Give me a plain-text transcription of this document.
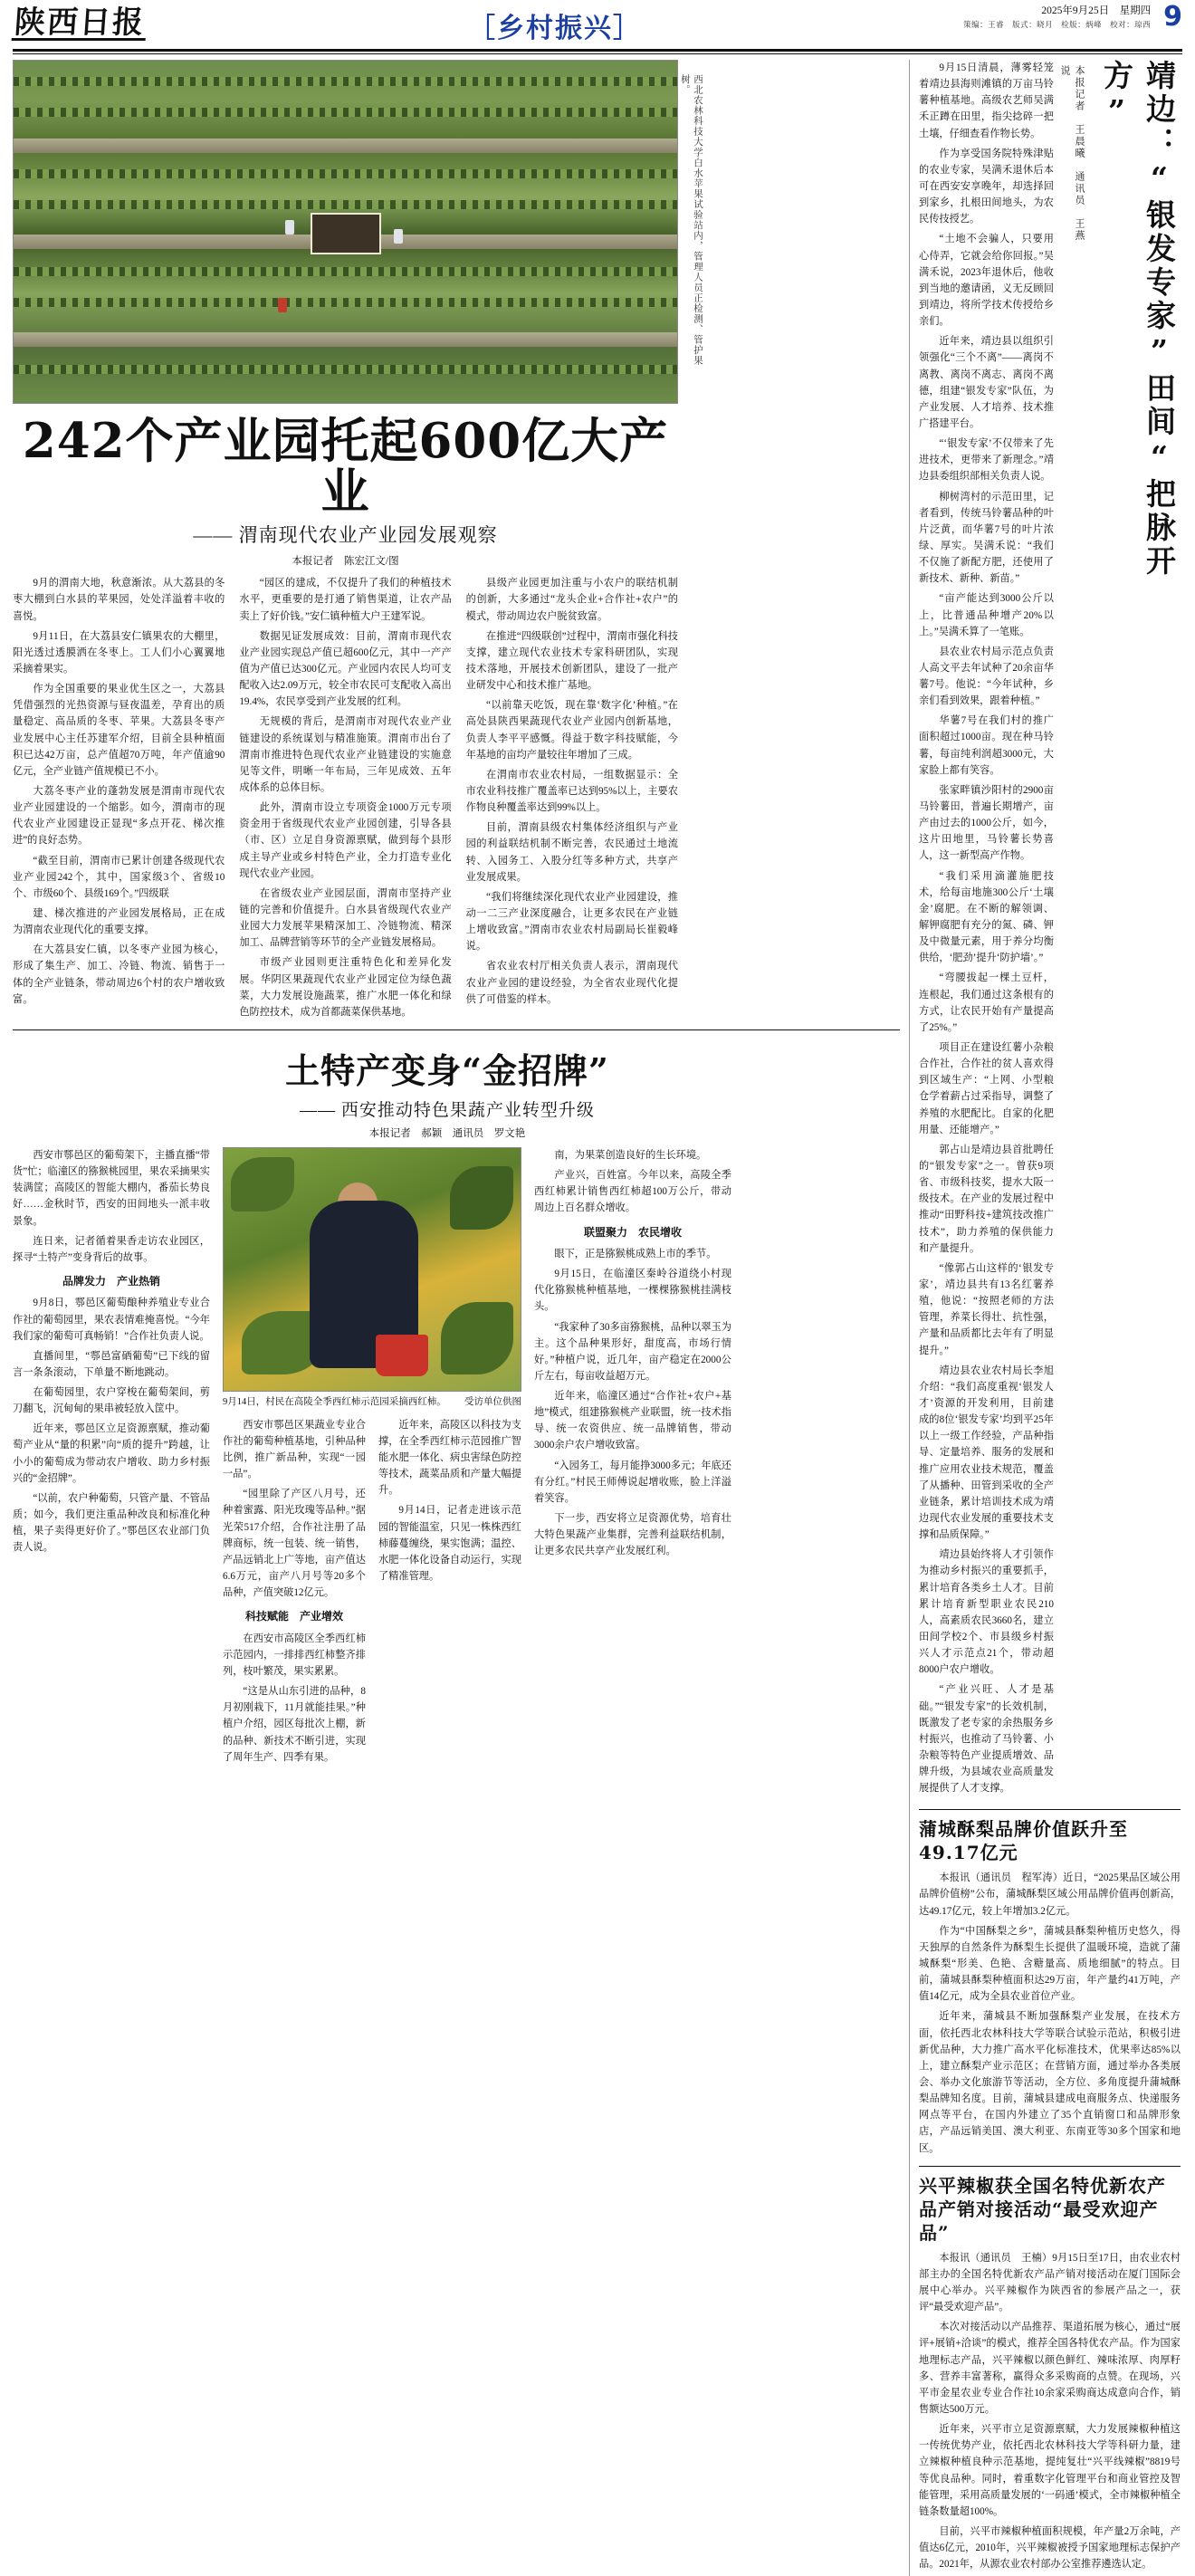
陕西日报	［乡村振兴］
2025年9月25日　星期四
策编：王睿　版式：晓月　检版：炳峰　校对：琼西 9
西北农林科技大学白水苹果试验站内，管理人员正检测、管护果树。
242个产业园托起600亿大产业
—— 渭南现代农业产业园发展观察
本报记者　陈宏江文/图

9月的渭南大地，秋意渐浓。从大荔县的冬枣大棚到白水县的苹果园，处处洋溢着丰收的喜悦。

9月11日，在大荔县安仁镇果农的大棚里，阳光透过透膜洒在冬枣上。工人们小心翼翼地采摘着果实。

作为全国重要的果业优生区之一，大荔县凭借强烈的光热资源与昼夜温差，孕育出的质量稳定、高品质的冬枣、苹果。大荔县冬枣产业发展中心主任苏建军介绍，目前全县种植面积已达42万亩，总产值超70万吨，年产值逾90亿元，全产业链产值规模已不小。

大荔冬枣产业的蓬勃发展是渭南市现代农业产业园建设的一个缩影。如今，渭南市的现代农业产业园建设正显现“多点开花、梯次推进”的良好态势。

“截至目前，渭南市已累计创建各级现代农业产业园242个，其中，国家级3个、省级10个、市级60个、县级169个。”四级联

建、梯次推进的产业园发展格局，正在成为渭南农业现代化的重要支撑。

在大荔县安仁镇，以冬枣产业园为核心，形成了集生产、加工、冷链、物流、销售于一体的全产业链条，带动周边6个村的农户增收致富。

“园区的建成，不仅提升了我们的种植技术水平，更重要的是打通了销售渠道，让农产品卖上了好价钱。”安仁镇种植大户王建军说。

数据见证发展成效：目前，渭南市现代农业产业园实现总产值已超600亿元，其中一产产值为产值已达300亿元。产业园内农民人均可支配收入达2.09万元，较全市农民可支配收入高出19.4%，农民享受到产业发展的红利。

无规模的背后，是渭南市对现代农业产业链建设的系统谋划与精准施策。渭南市出台了渭南市推进特色现代农业产业链建设的实施意见等文件，明晰一年布局，三年见成效、五年成体系的总体目标。

此外，渭南市设立专项资金1000万元专项资金用于省级现代农业产业园创建，引导各县（市、区）立足自身资源禀赋，做到每个县形成主导产业或乡村特色产业，全力打造专业化现代农业产业园。

在省级农业产业园层面，渭南市坚持产业链的完善和价值提升。白水县省级现代农业产业园大力发展苹果精深加工、冷链物流、精深加工、品牌营销等环节的全产业链发展格局。

市级产业园则更注重特色化和差异化发展。华阴区果蔬现代农业产业园定位为绿色蔬菜，大力发展设施蔬菜，推广水肥一体化和绿色防控技术，成为首都蔬菜保供基地。

县级产业园更加注重与小农户的联结机制的创新，大多通过“龙头企业+合作社+农户”的模式，带动周边农户脱贫致富。

在推进“四级联创”过程中，渭南市强化科技支撑，建立现代农业技术专家科研团队，实现技术落地，开展技术创新团队，建设了一批产业研发中心和技术推广基地。

“以前靠天吃饭，现在靠‘数字化’种植。”在高处县陕西果蔬现代农业产业园内创新基地，负责人李平平感慨。得益于数字科技赋能，今年基地的亩均产量较往年增加了三成。

在渭南市农业农村局，一组数据显示：全市农业科技推广覆盖率已达到95%以上，主要农作物良种覆盖率达到99%以上。

目前，渭南县级农村集体经济组织与产业园的利益联结机制不断完善，农民通过土地流转、入园务工、入股分红等多种方式，共享产业发展成果。

“我们将继续深化现代农业产业园建设，推动一二三产业深度融合，让更多农民在产业链上增收致富。”渭南市农业农村局副局长崔毅峰说。

省农业农村厅相关负责人表示，渭南现代农业产业园的建设经验，为全省农业现代化提供了可借鉴的样本。

土特产变身“金招牌”
—— 西安推动特色果蔬产业转型升级
本报记者　郝颖　通讯员　罗文艳

西安市鄠邑区的葡萄架下，主播直播“带货”忙；临潼区的猕猴桃园里，果农采摘果实装满筐；高陵区的智能大棚内，番茄长势良好……金秋时节，西安的田间地头一派丰收景象。

连日来，记者循着果香走访农业园区，探寻“土特产”变身背后的故事。

品牌发力　产业热销

9月8日，鄠邑区葡萄酿种养殖业专业合作社的葡萄园里，果农表情难掩喜悦。“今年我们家的葡萄可真畅销！”合作社负责人说。

直播间里，“鄠邑富硒葡萄”已下线的留言一条条滚动，下单量不断地跳动。

在葡萄园里，农户穿梭在葡萄架间，剪刀翻飞，沉甸甸的果串被轻放入筐中。

近年来，鄠邑区立足资源禀赋，推动葡萄产业从“量的积累”向“质的提升”跨越，让小小的葡萄成为带动农户增收、助力乡村振兴的“金招牌”。

“以前，农户种葡萄，只管产量、不管品质；如今，我们更注重品种改良和标准化种植，果子卖得更好价了。”鄠邑区农业部门负责人说。

9月14日，村民在高陵全季西红柿示范园采摘西红柿。 受访单位供图

西安市鄠邑区果蔬业专业合作社的葡萄种植基地，引种品种比例，推广新品种，实现“一园一品”。

“园里除了产区八月号，还种着蜜露、阳光玫瑰等品种。”据光荣517介绍，合作社注册了品牌商标，统一包装、统一销售，产品远销北上广等地，亩产值达6.6万元，亩产八月号等20多个品种，产值突破12亿元。

科技赋能　产业增效

在西安市高陵区全季西红柿示范园内，一排排西红柿整齐排列，枝叶繁茂，果实累累。

“这是从山东引进的品种，8月初刚栽下，11月就能挂果。”种植户介绍，园区每批次上棚，新的品种、新技术不断引进，实现了周年生产、四季有果。

近年来，高陵区以科技为支撑，在全季西红柿示范园推广智能水肥一体化、病虫害绿色防控等技术，蔬菜品质和产量大幅提升。

9月14日，记者走进该示范园的智能温室，只见一株株西红柿藤蔓缠绕，果实饱满；温控、水肥一体化设备自动运行，实现了精准管理。

南，为果菜创造良好的生长环境。

产业兴，百姓富。今年以来，高陵全季西红柿累计销售西红柿超100万公斤，带动周边上百名群众增收。

联盟聚力　农民增收

眼下，正是猕猴桃成熟上市的季节。

9月15日，在临潼区秦岭谷道绕小村现代化猕猴桃种植基地，一棵棵猕猴桃挂满枝头。

“我家种了30多亩猕猴桃，品种以翠玉为主。这个品种果形好，甜度高，市场行情好。”种植户说，近几年，亩产稳定在2000公斤左右，每亩收益超万元。

近年来，临潼区通过“合作社+农户+基地”模式，组建猕猴桃产业联盟，统一技术指导、统一农资供应、统一品牌销售，带动3000余户农户增收致富。

“入园务工，每月能挣3000多元；年底还有分红。”村民王师傅说起增收账，脸上洋溢着笑容。

下一步，西安将立足资源优势，培育壮大特色果蔬产业集群，完善利益联结机制，让更多农民共享产业发展红利。

9月15日清晨，薄雾轻笼着靖边县海则滩镇的万亩马铃薯种植基地。高级农艺师吴满禾正蹲在田里，指尖捻碎一把土壤，仔细查看作物长势。

作为享受国务院特殊津贴的农业专家，吴满禾退休后本可在西安安享晚年，却选择回到家乡，扎根田间地头，为农民传技授艺。

“土地不会骗人，只要用心侍弄，它就会给你回报。”吴满禾说，2023年退休后，他收到当地的邀请函，义无反顾回到靖边，将所学技术传授给乡亲们。

近年来，靖边县以组织引领强化“三个不离”——离岗不离教、离岗不离志、离岗不离德，组建“银发专家”队伍，为产业发展、人才培养、技术推广搭建平台。

“‘银发专家’不仅带来了先进技术，更带来了新理念。”靖边县委组织部相关负责人说。

柳树湾村的示范田里，记者看到，传统马铃薯品种的叶片泛黄，而华薯7号的叶片浓绿、厚实。吴满禾说：“我们不仅施了新配方肥，还使用了新技术、新种、新苗。”

“亩产能达到3000公斤以上，比普通品种增产20%以上。”吴满禾算了一笔账。

县农业农村局示范点负责人高文平去年试种了20余亩华薯7号。他说：“今年试种，乡亲们看到效果，跟着种植。”

华薯7号在我们村的推广面积超过1000亩。现在种马铃薯，每亩纯利润超3000元，大家脸上都有笑容。

张家畔镇沙阳村的2900亩马铃薯田，普遍长期增产，亩产由过去的1000公斤，如今，这片田地里，马铃薯长势喜人，这一新型高产作物。

“我们采用滴灌施肥技术，给每亩地施300公斤‘土壤金’腐肥。在不断的解领调、解钾腐肥有充分的氮、磷、钾及中微量元素，用于养分均衡供给，‘肥劲’提升‘防护墙’。”

“弯腰拔起一棵土豆杆，连根起，我们通过这条根有的方式，让农民开始有产量提高了25%。”

项目正在建设红薯小杂粮合作社，合作社的贫人喜欢得到区域生产：“上网、小型粮仓学着薪占过采指导，调整了养殖的水肥配比。自家的化肥用量、还能增产。”

郭占山是靖边县首批聘任的“银发专家”之一。曾获9项省、市级科技奖，提水大阪一级技术。在产业的发展过程中推动“田野科技+建筑技改推广技术”，助力养殖的保供能力和产量提升。

“像郭占山这样的‘银发专家’，靖边县共有13名红薯养殖，他说：“按照老师的方法管理，养菜长得壮、抗性强，产量和品质都比去年有了明显提升。”

靖边县农业农村局长李旭介绍：“我们高度重视‘银发人才’资源的开发利用，目前建成的8位‘银发专家’均到平25年以上一级工作经验，产品种指导、定量培养、服务的发展和推广应用农业技术规范，覆盖了从播种、田管到采收的全产业链条，累计培训技术成为靖边现代农业发展的重要技术支撑和品质保障。”

靖边县始终将人才引领作为推动乡村振兴的重要抓手，累计培育各类乡土人才。目前累计培育新型职业农民210人，高素质农民3660名，建立田间学校2个、市县级乡村振兴人才示范点21个，带动超8000户农户增收。

“产业兴旺、人才是基础。”“银发专家”的长效机制，既激发了老专家的余热服务乡村振兴，也推动了马铃薯、小杂粮等特色产业提质增效、品牌升级，为县域农业高质量发展提供了人才支撑。

本报记者　王晨曦　通讯员　王燕说	靖边：“银发专家”田间“把脉开方”
蒲城酥梨品牌价值跃升至49.17亿元

本报讯（通讯员　程军涛）近日，“2025果品区域公用品牌价值榜”公布，蒲城酥梨区域公用品牌价值再创新高，达49.17亿元，较上年增加3.2亿元。

作为“中国酥梨之乡”，蒲城县酥梨种植历史悠久，得天独厚的自然条件为酥梨生长提供了温暖环境，造就了蒲城酥梨“形美、色艳、含糖量高、质地细腻”的特点。目前，蒲城县酥梨种植面积达29万亩，年产量约41万吨，产值14亿元，成为全县农业首位产业。

近年来，蒲城县不断加强酥梨产业发展，在技术方面，依托西北农林科技大学等联合试验示范站，积极引进新优品种，大力推广高水平化标准技术，优果率达85%以上，建立酥梨产业示范区；在营销方面，通过举办各类展会、举办文化旅游节等活动，全方位、多角度提升蒲城酥梨品牌知名度。目前，蒲城县建成电商服务点、快递服务网点等平台，在国内外建立了35个直销窗口和品牌形象店，产品远销美国、澳大利亚、东南亚等30多个国家和地区。

兴平辣椒获全国名特优新农产品产销对接活动“最受欢迎产品”

本报讯（通讯员　王楠）9月15日至17日，由农业农村部主办的全国名特优新农产品产销对接活动在厦门国际会展中心举办。兴平辣椒作为陕西省的参展产品之一，获评“最受欢迎产品”。

本次对接活动以产品推荐、渠道拓展为核心，通过“展评+展销+洽谈”的模式，推荐全国各特优农产品。作为国家地理标志产品，兴平辣椒以颜色鲜红、辣味浓厚、肉厚籽多、营养丰富著称，赢得众多采购商的点赞。在现场，兴平市金星农业专业合作社10余家采购商达成意向合作，销售额达500万元。

近年来，兴平市立足资源禀赋，大力发展辣椒种植这一传统优势产业，依托西北农林科技大学等科研力量，建立辣椒种植良种示范基地，提纯复壮“兴平线辣椒”8819号等优良品种。同时，着重数字化管理平台和商业管控及智能管理，采用高质量发展的‘一码通’模式，全市辣椒种植全链条数量超100%。

目前，兴平市辣椒种植面积规模，年产量2万余吨，产值达6亿元，2010年，兴平辣椒被授予国家地理标志保护产品。2021年，从源农业农村部办公室推荐遴选认定。
